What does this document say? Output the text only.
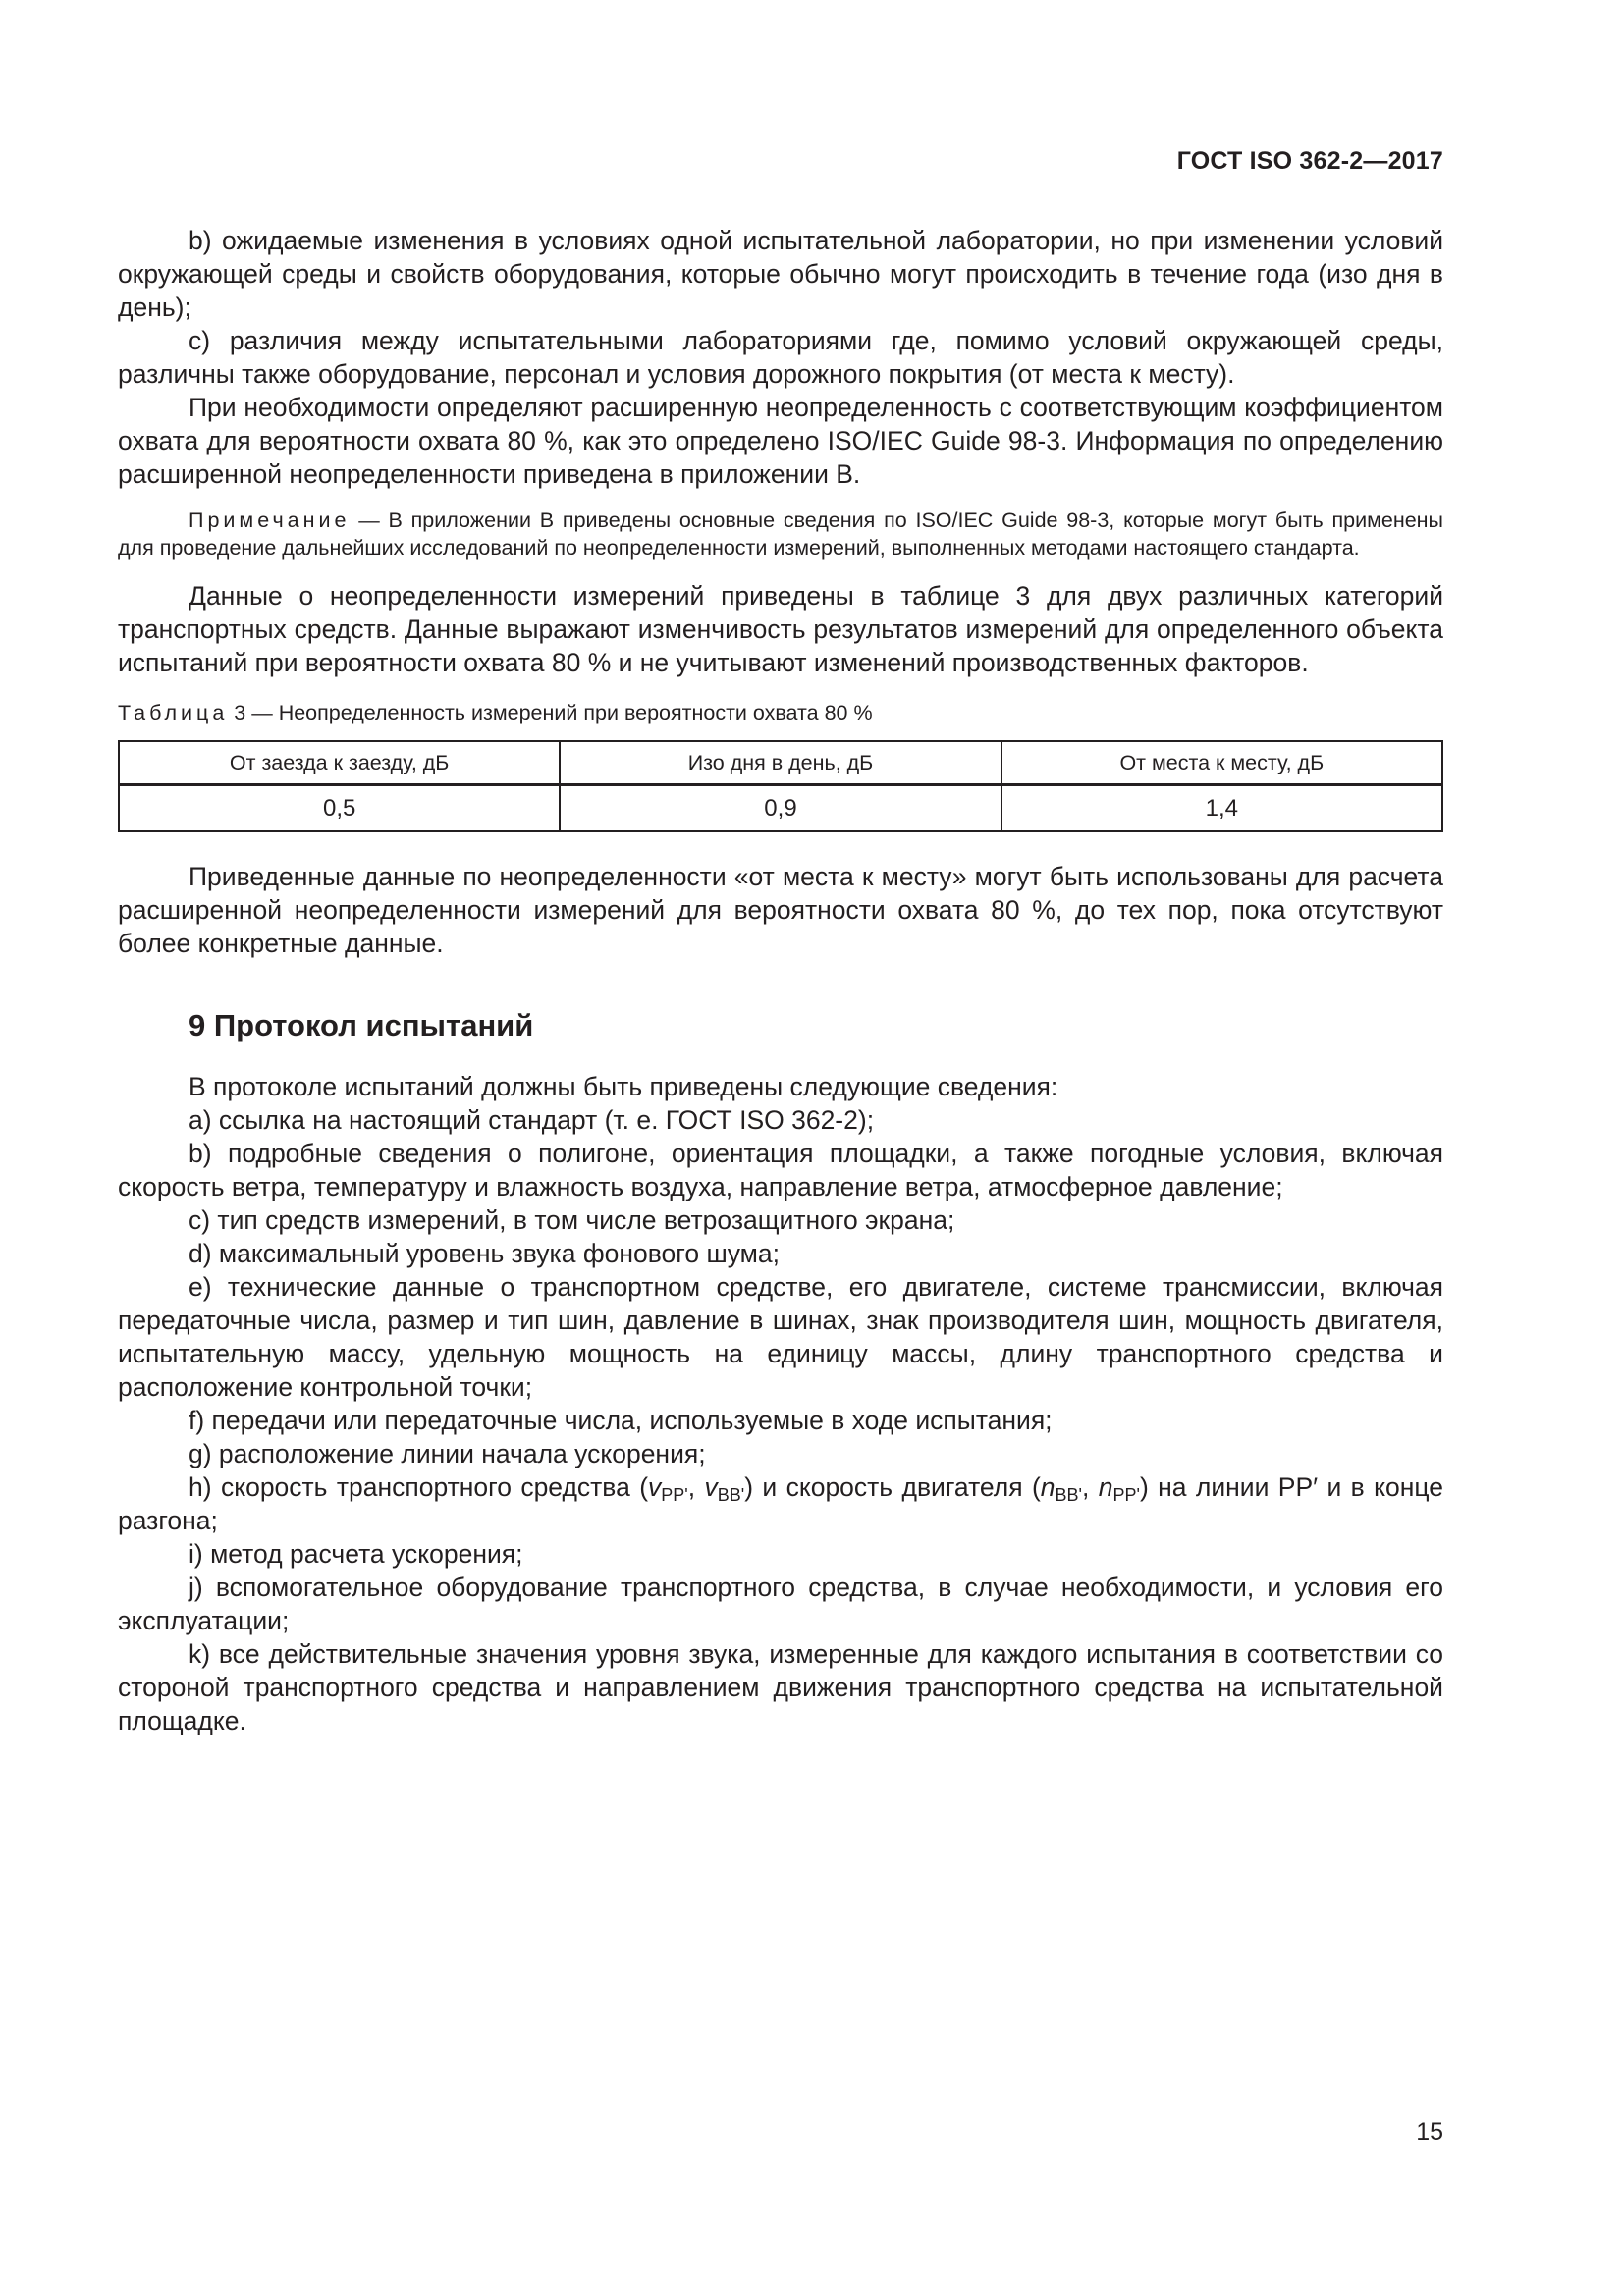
ГОСТ ISO 362-2—2017

b) ожидаемые изменения в условиях одной испытательной лаборатории, но при изменении условий окружающей среды и свойств оборудования, которые обычно могут происходить в течение года (изо дня в день);

c) различия между испытательными лабораториями где, помимо условий окружающей среды, различны также оборудование, персонал и условия дорожного покрытия (от места к месту).

При необходимости определяют расширенную неопределенность с соответствующим коэффициентом охвата для вероятности охвата 80 %, как это определено ISO/IEC Guide 98-3. Информация по определению расширенной неопределенности приведена в приложении В.

Примечание — В приложении В приведены основные сведения по ISO/IEC Guide 98-3, которые могут быть применены для проведение дальнейших исследований по неопределенности измерений, выполненных методами настоящего стандарта.

Данные о неопределенности измерений приведены в таблице 3 для двух различных категорий транспортных средств. Данные выражают изменчивость результатов измерений для определенного объекта испытаний при вероятности охвата 80 % и не учитывают изменений производственных факторов.

Таблица 3 — Неопределенность измерений при вероятности охвата 80 %
От заезда к заезду, дБ	Изо дня в день, дБ	От места к месту, дБ
0,5	0,9	1,4

Приведенные данные по неопределенности «от места к месту» могут быть использованы для расчета расширенной неопределенности измерений для вероятности охвата 80 %, до тех пор, пока отсутствуют более конкретные данные.

9 Протокол испытаний

В протоколе испытаний должны быть приведены следующие сведения:

a) ссылка на настоящий стандарт (т. е. ГОСТ ISO 362-2);

b) подробные сведения о полигоне, ориентация площадки, а также погодные условия, включая скорость ветра, температуру и влажность воздуха, направление ветра, атмосферное давление;

c) тип средств измерений, в том числе ветрозащитного экрана;

d) максимальный уровень звука фонового шума;

e) технические данные о транспортном средстве, его двигателе, системе трансмиссии, включая передаточные числа, размер и тип шин, давление в шинах, знак производителя шин, мощность двигателя, испытательную массу, удельную мощность на единицу массы, длину транспортного средства и расположение контрольной точки;

f) передачи или передаточные числа, используемые в ходе испытания;

g) расположение линии начала ускорения;

h) скорость транспортного средства ($v_{PP'}$, $v_{BB'}$) и скорость двигателя ($n_{BB'}$, $n_{PP'}$) на линии PP′ и в конце разгона;

i) метод расчета ускорения;

j) вспомогательное оборудование транспортного средства, в случае необходимости, и условия его эксплуатации;

k) все действительные значения уровня звука, измеренные для каждого испытания в соответствии со стороной транспортного средства и направлением движения транспортного средства на испытательной площадке.

15
